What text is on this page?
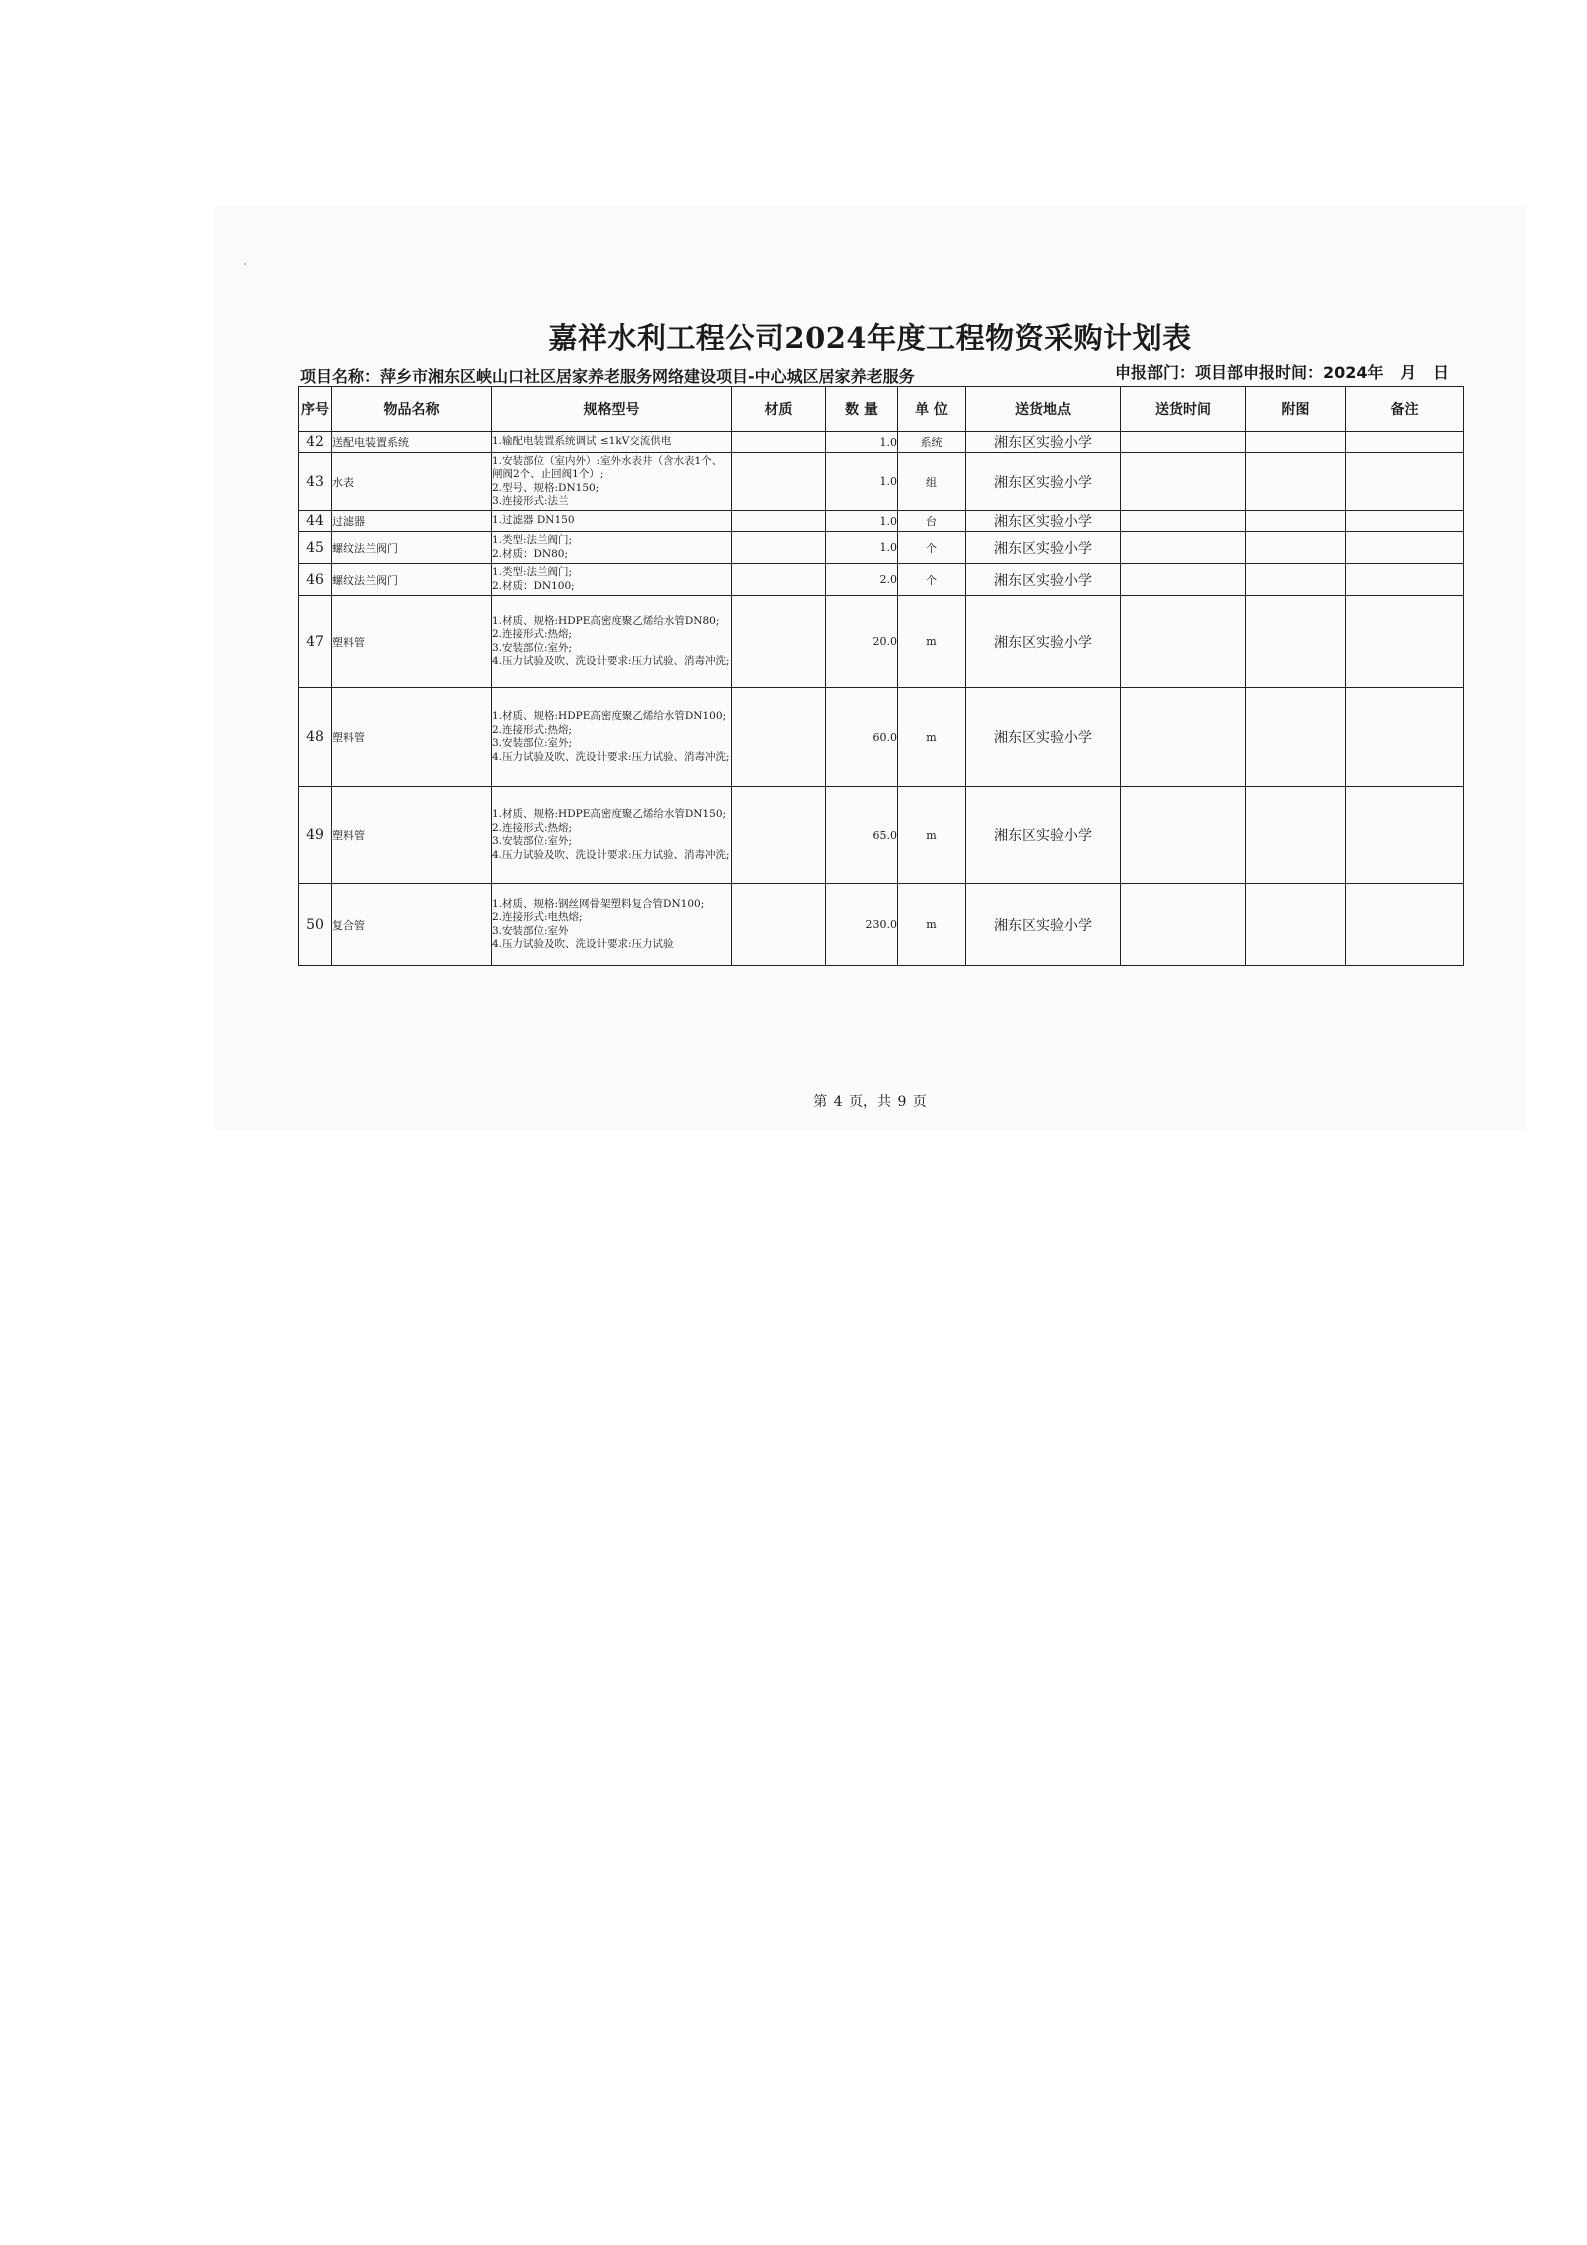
嘉祥水利工程公司2024年度工程物资采购计划表
项目名称：萍乡市湘东区峡山口社区居家养老服务网络建设项目-中心城区居家养老服务	申报部门：项目部申报时间：2024年   月   日
序号	物品名称	规格型号	材质	数 量	单 位	送货地点	送货时间	附图	备注
42	送配电装置系统	1.输配电装置系统调试 ≤1kV交流供电		1.0	系统	湘东区实验小学			
43	水表	1.安装部位（室内外）:室外水表井（含水表1个、闸阀2个、止回阀1个）;
2.型号、规格:DN150;
3.连接形式:法兰		1.0	组	湘东区实验小学			
44	过滤器	1.过滤器 DN150		1.0	台	湘东区实验小学			
45	螺纹法兰阀门	1.类型:法兰阀门;
2.材质：DN80;		1.0	个	湘东区实验小学			
46	螺纹法兰阀门	1.类型:法兰阀门;
2.材质：DN100;		2.0	个	湘东区实验小学			
47	塑料管	1.材质、规格:HDPE高密度聚乙烯给水管DN80;
2.连接形式:热熔;
3.安装部位:室外;
4.压力试验及吹、洗设计要求:压力试验、消毒冲洗;		20.0	m	湘东区实验小学			
48	塑料管	1.材质、规格:HDPE高密度聚乙烯给水管DN100;
2.连接形式:热熔;
3.安装部位:室外;
4.压力试验及吹、洗设计要求:压力试验、消毒冲洗;		60.0	m	湘东区实验小学			
49	塑料管	1.材质、规格:HDPE高密度聚乙烯给水管DN150;
2.连接形式:热熔;
3.安装部位:室外;
4.压力试验及吹、洗设计要求:压力试验、消毒冲洗;		65.0	m	湘东区实验小学			
50	复合管	1.材质、规格:钢丝网骨架塑料复合管DN100;
2.连接形式:电热熔;
3.安装部位:室外
4.压力试验及吹、洗设计要求:压力试验		230.0	m	湘东区实验小学			
第 4 页，共 9 页
